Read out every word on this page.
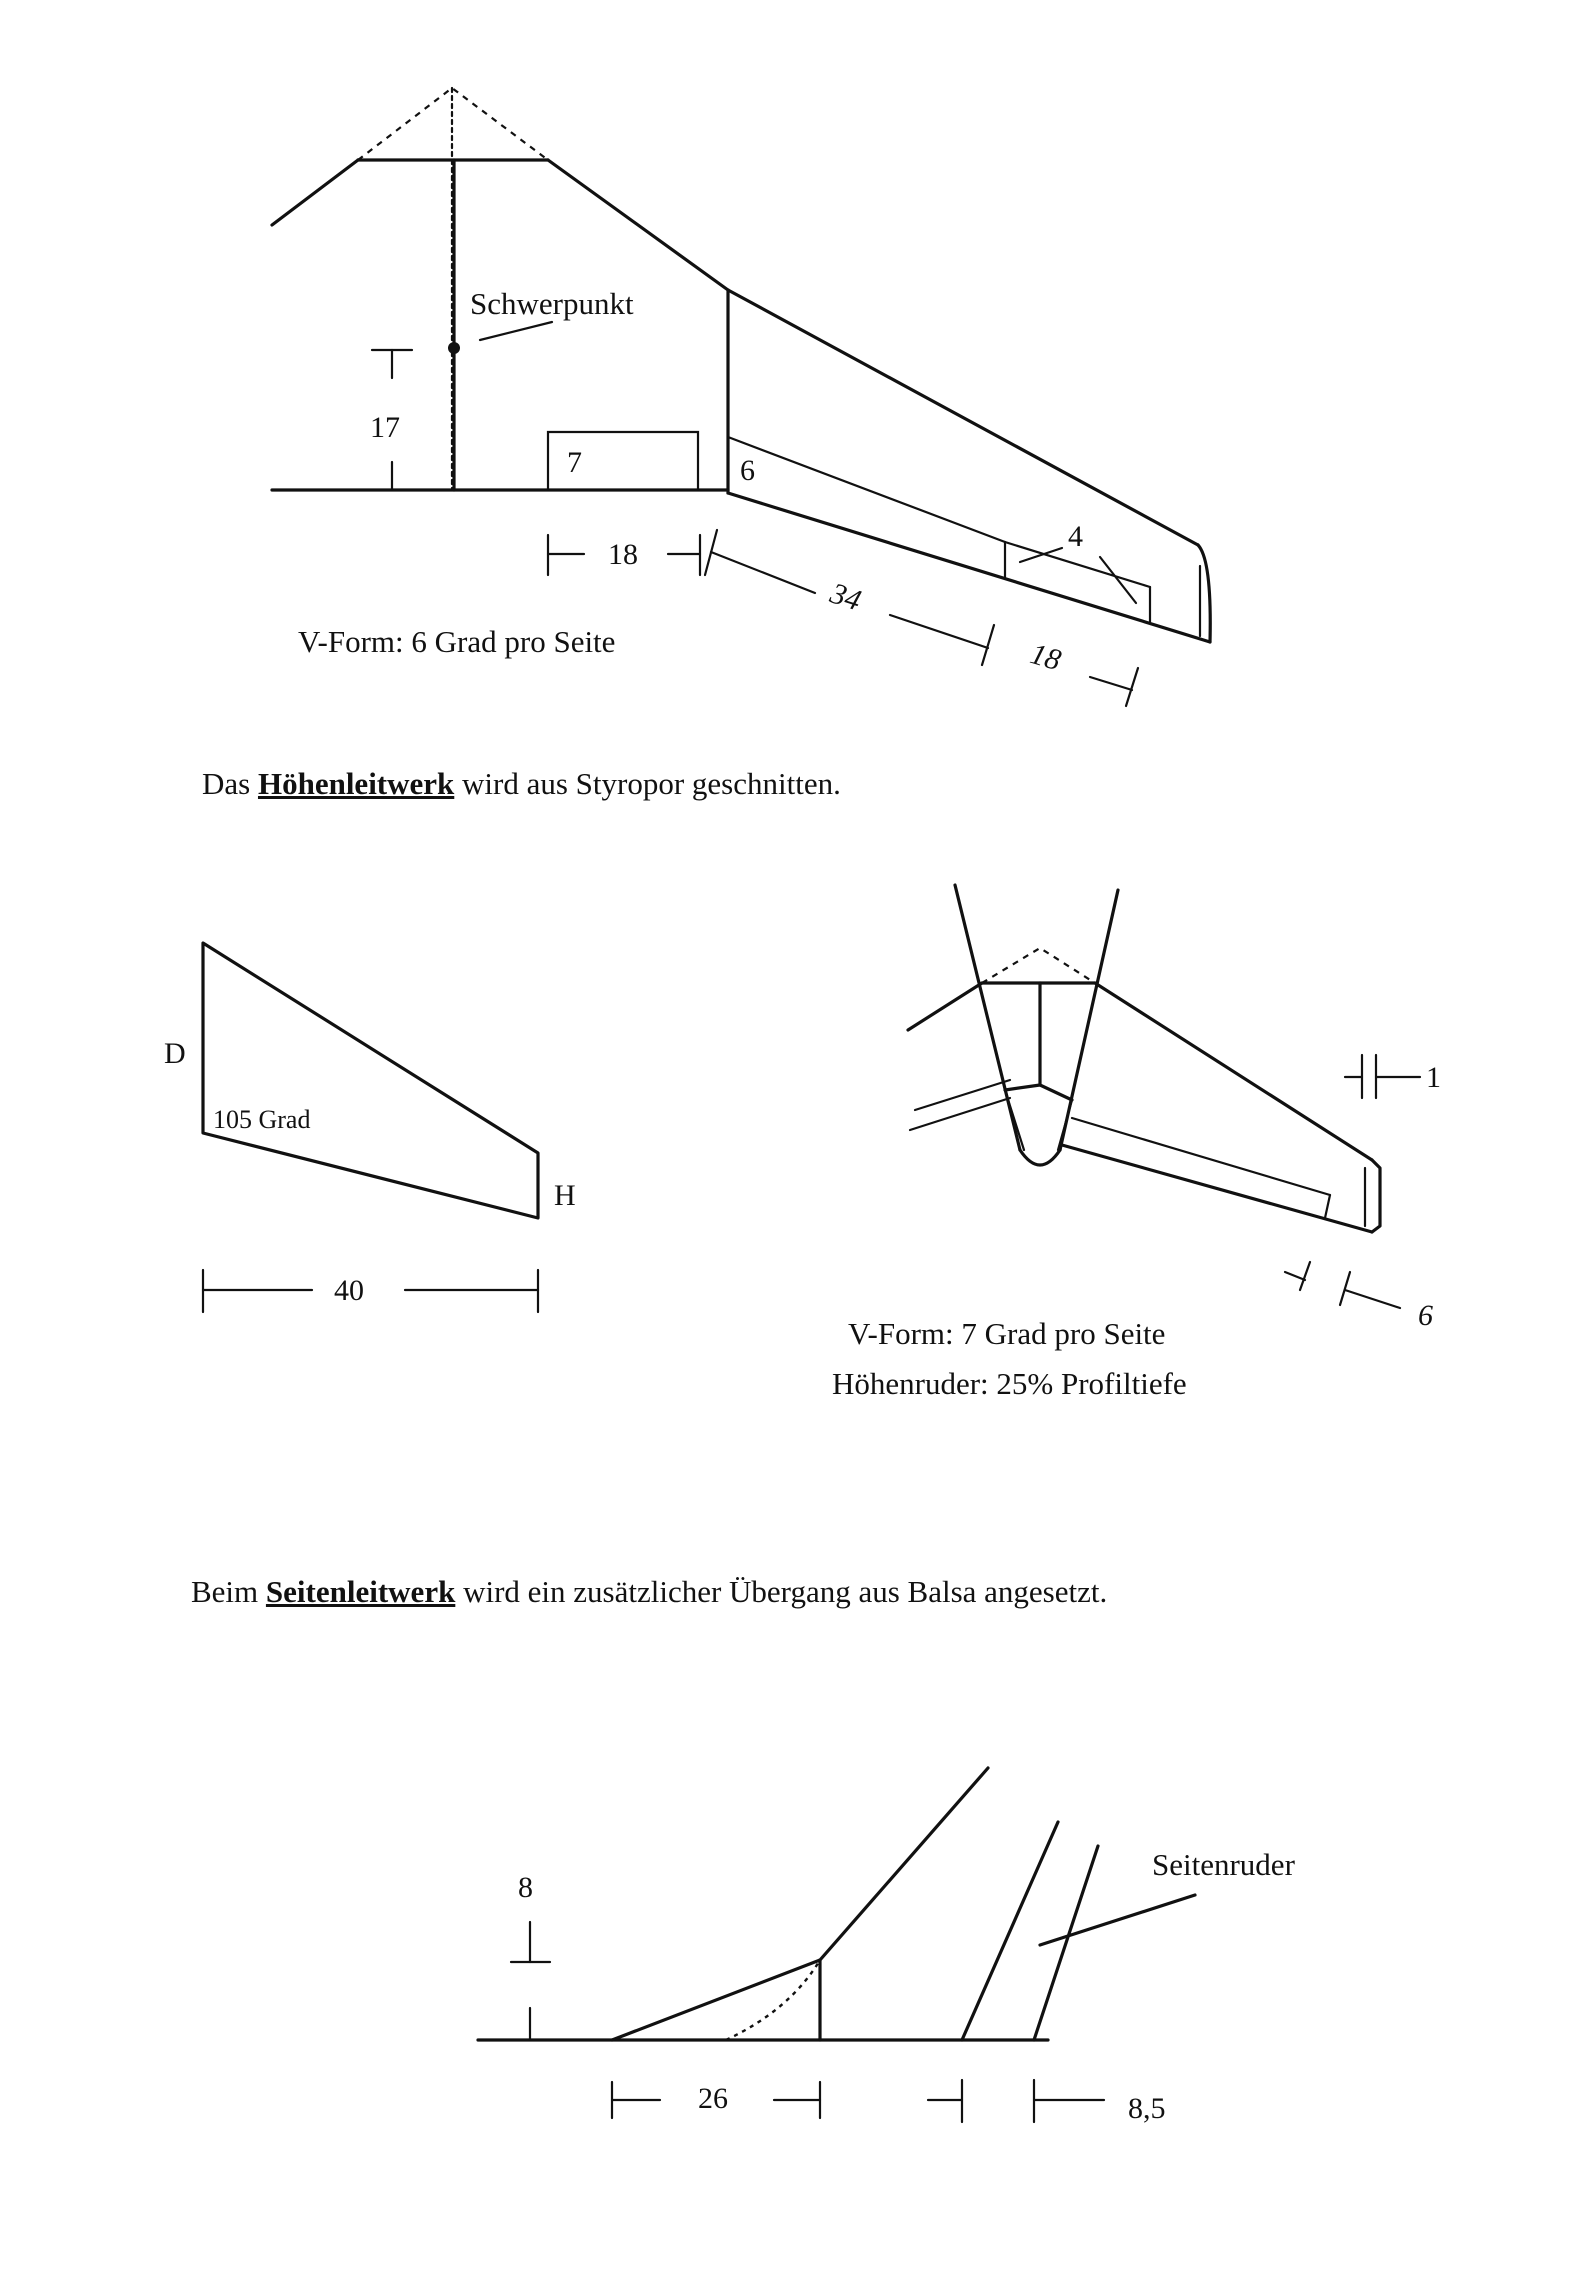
Schwerpunkt
17
7	6
18
34
18
4
D
105 Grad
H
40
1
6
8
26	8,5
Seitenruder
V-Form: 6 Grad pro Seite
Das Höhenleitwerk wird aus Styropor geschnitten.
V-Form: 7 Grad pro Seite
Höhenruder: 25% Profiltiefe
Beim Seitenleitwerk wird ein zusätzlicher Übergang aus Balsa angesetzt.
